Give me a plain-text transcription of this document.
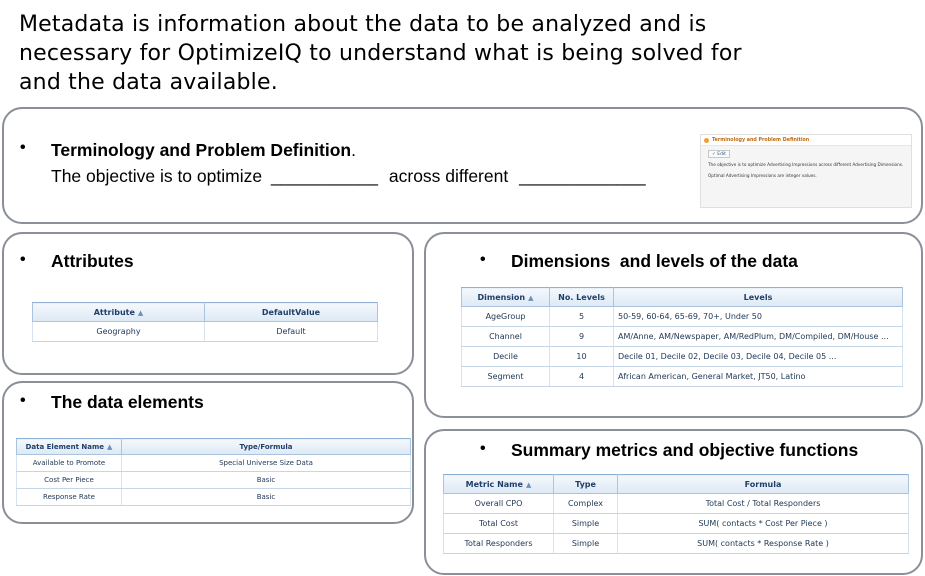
Metadata is information about the data to be analyzed and is
necessary for OptimizeIQ to understand what is being solved for
and the data available.
• Terminology and Problem Definition.
The objective is to optimize ___________ across different _____________
Terminology and Problem Definition
✓ Edit
The objective is to optimize Advertising Impressions across different Advertising Dimensions.
Optimal Advertising Impressions are integer values.
• Attributes
Attribute ▲	DefaultValue
Geography	Default
• Dimensions  and levels of the data
Dimension ▲	No. Levels	Levels
AgeGroup	5	50-59, 60-64, 65-69, 70+, Under 50
Channel	9	AM/Anne, AM/Newspaper, AM/RedPlum, DM/Compiled, DM/House ...
Decile	10	Decile 01, Decile 02, Decile 03, Decile 04, Decile 05 ...
Segment	4	African American, General Market, JT50, Latino
• The data elements
Data Element Name ▲	Type/Formula
Available to Promote	Special Universe Size Data
Cost Per Piece	Basic
Response Rate	Basic
• Summary metrics and objective functions
Metric Name ▲	Type	Formula
Overall CPO	Complex	Total Cost / Total Responders
Total Cost	Simple	SUM( contacts * Cost Per Piece )
Total Responders	Simple	SUM( contacts * Response Rate )
